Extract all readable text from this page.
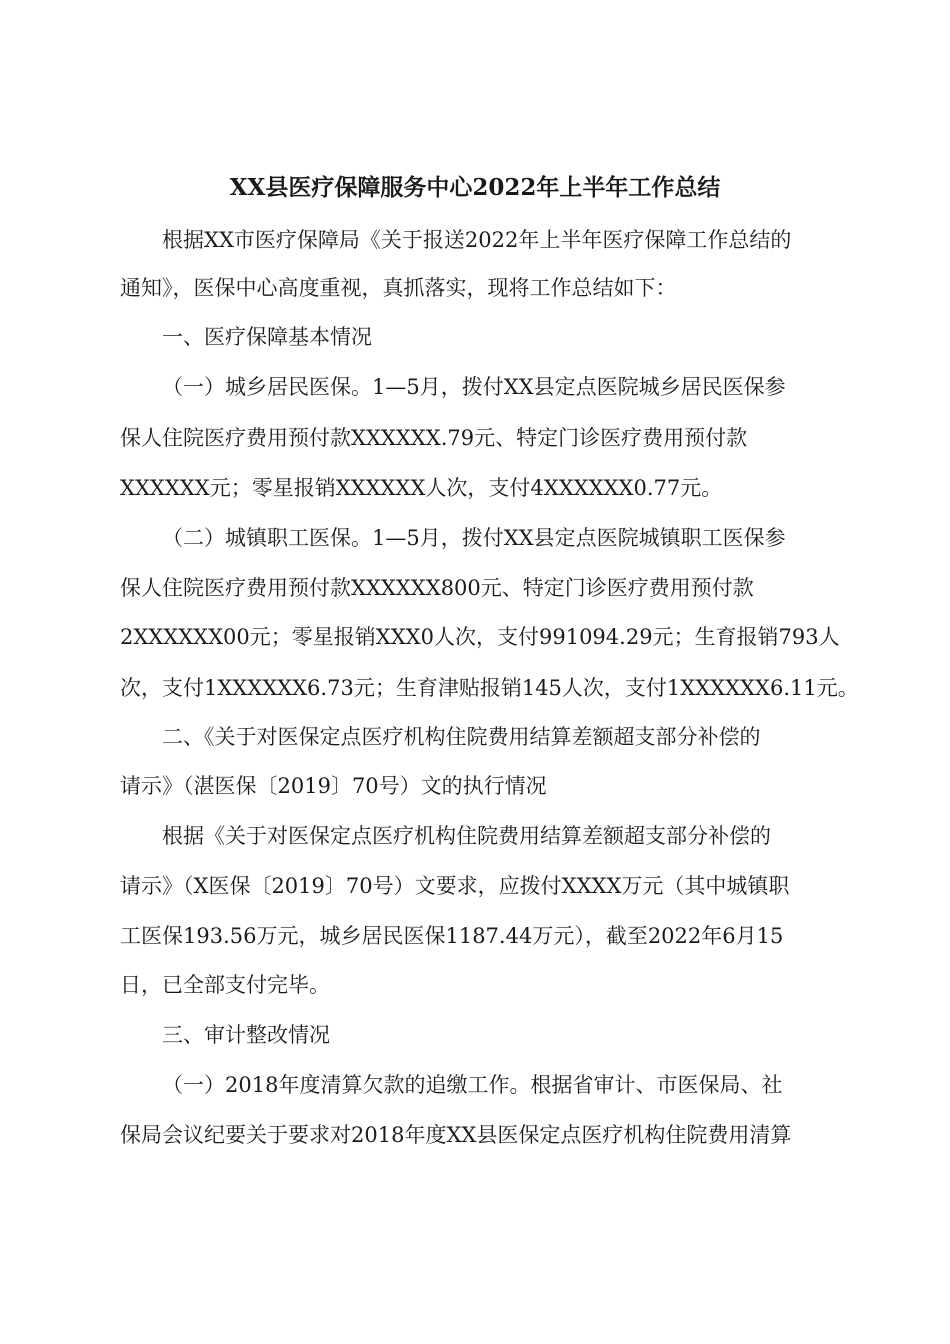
XX县医疗保障服务中心2022年上半年工作总结
根据XX市医疗保障局《关于报送2022年上半年医疗保障工作总结的
通知》，医保中心高度重视，真抓落实，现将工作总结如下：
一、医疗保障基本情况
（一）城乡居民医保。1—5月，拨付XX县定点医院城乡居民医保参
保人住院医疗费用预付款XXXXXX.79元、特定门诊医疗费用预付款
XXXXXX元；零星报销XXXXXX人次，支付4XXXXXX0.77元。
（二）城镇职工医保。1—5月，拨付XX县定点医院城镇职工医保参
保人住院医疗费用预付款XXXXXX800元、特定门诊医疗费用预付款
2XXXXXX00元；零星报销XXX0人次，支付991094.29元；生育报销793人
次，支付1XXXXXX6.73元；生育津贴报销145人次，支付1XXXXXX6.11元。
二、《关于对医保定点医疗机构住院费用结算差额超支部分补偿的
请示》（湛医保〔2019〕70号）文的执行情况
根据《关于对医保定点医疗机构住院费用结算差额超支部分补偿的
请示》（X医保〔2019〕70号）文要求，应拨付XXXX万元（其中城镇职
工医保193.56万元，城乡居民医保1187.44万元），截至2022年6月15
日，已全部支付完毕。
三、审计整改情况
（一）2018年度清算欠款的追缴工作。根据省审计、市医保局、社
保局会议纪要关于要求对2018年度XX县医保定点医疗机构住院费用清算
